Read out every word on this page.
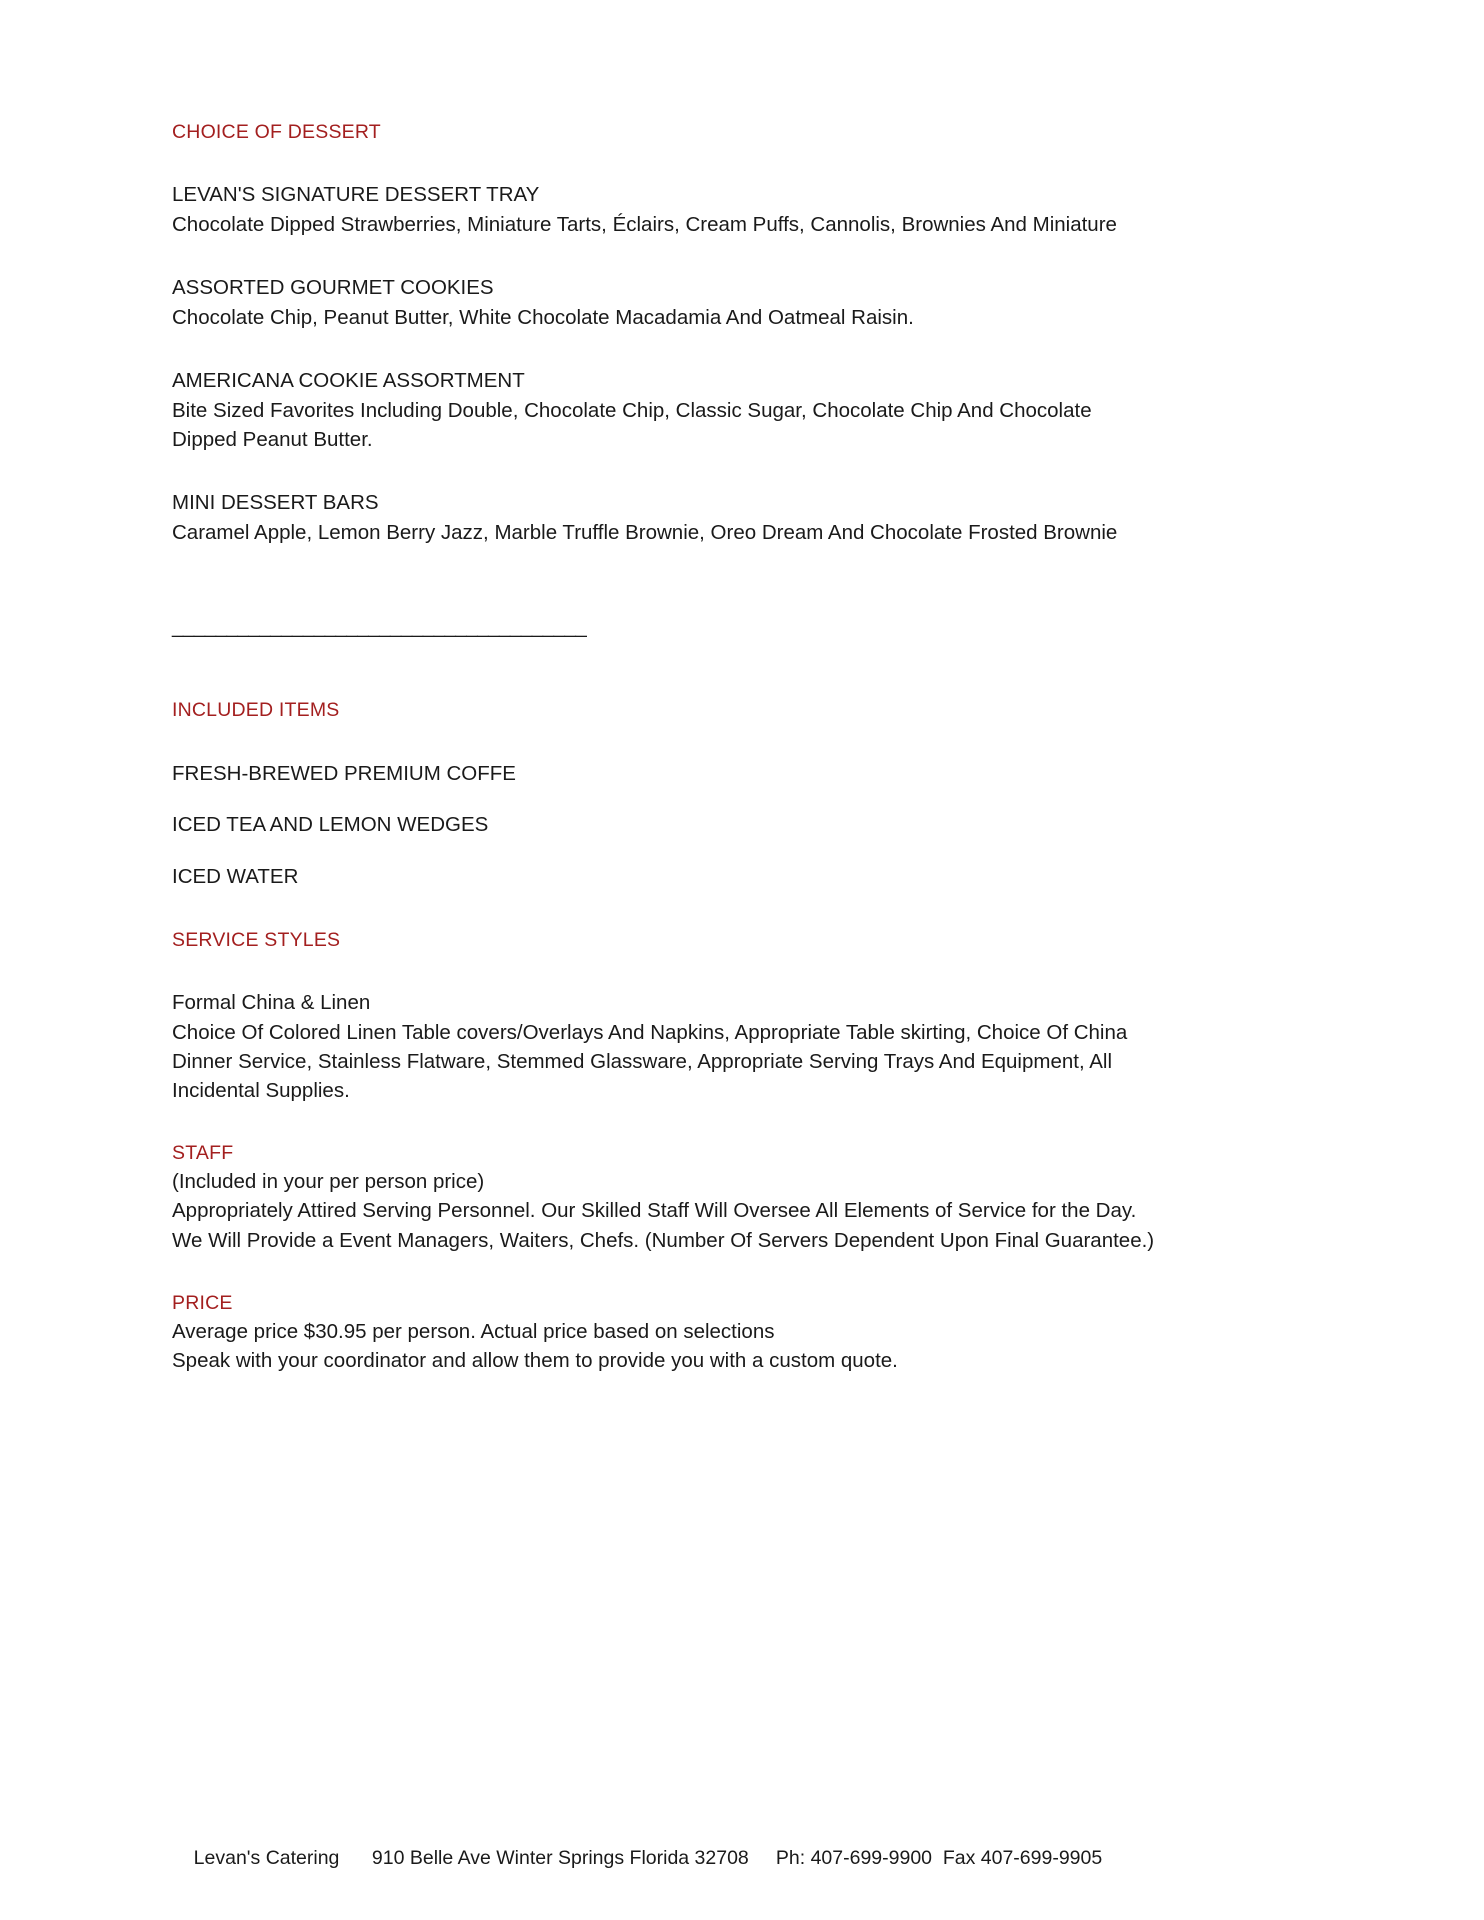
CHOICE OF DESSERT

LEVAN'S SIGNATURE DESSERT TRAY

Chocolate Dipped Strawberries, Miniature Tarts, Éclairs, Cream Puffs, Cannolis, Brownies And Miniature

ASSORTED GOURMET COOKIES

Chocolate Chip, Peanut Butter, White Chocolate Macadamia And Oatmeal Raisin.

AMERICANA COOKIE ASSORTMENT

Bite Sized Favorites Including Double, Chocolate Chip, Classic Sugar, Chocolate Chip And Chocolate

Dipped Peanut Butter.

MINI DESSERT BARS

Caramel Apple, Lemon Berry Jazz, Marble Truffle Brownie, Oreo Dream And Chocolate Frosted Brownie

______________________________________

INCLUDED ITEMS

FRESH-BREWED PREMIUM COFFE

ICED TEA AND LEMON WEDGES

ICED WATER

SERVICE STYLES

Formal China & Linen

Choice Of Colored Linen Table covers/Overlays And Napkins, Appropriate Table skirting, Choice Of China

Dinner Service, Stainless Flatware, Stemmed Glassware, Appropriate Serving Trays And Equipment, All

Incidental Supplies.

STAFF

(Included in your per person price)

Appropriately Attired Serving Personnel. Our Skilled Staff Will Oversee All Elements of Service for the Day.

We Will Provide a Event Managers, Waiters, Chefs. (Number Of Servers Dependent Upon Final Guarantee.)

PRICE

Average price $30.95 per person. Actual price based on selections

Speak with your coordinator and allow them to provide you with a custom quote.

Levan's Catering 910 Belle Ave Winter Springs Florida 32708 Ph: 407-699-9900  Fax 407-699-9905
